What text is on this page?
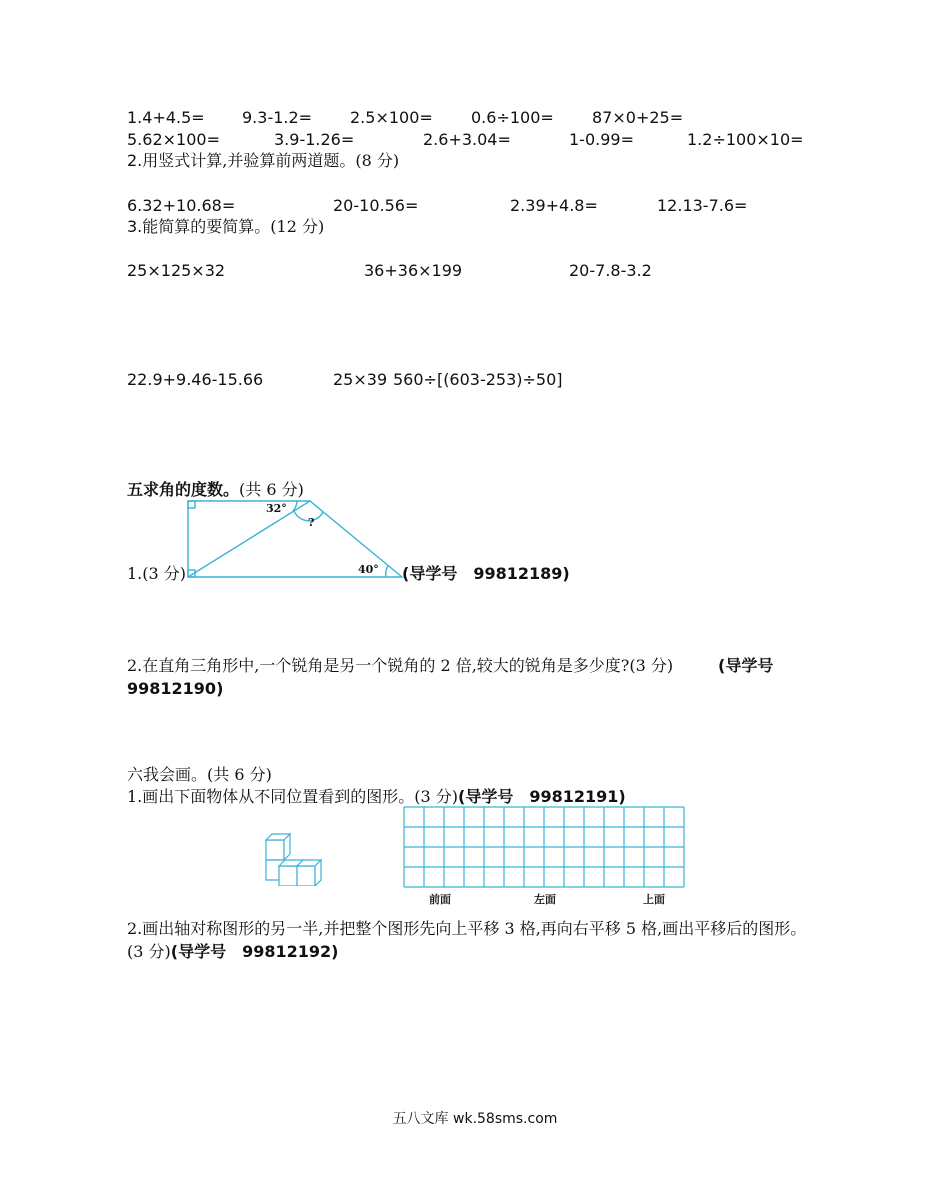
1.4+4.5= 9.3-1.2= 2.5×100= 0.6÷100= 87×0+25=
5.62×100=	3.9-1.26=	2.6+3.04=	1-0.99=	1.2÷100×10=
2.用竖式计算,并验算前两道题。(8 分)
6.32+10.68=	20-10.56=	2.39+4.8=	12.13-7.6=
3.能简算的要简算。(12 分)
25×125×32	36+36×199	20-7.8-3.2
22.9+9.46-15.66	25×39 560÷[(603-253)÷50]
五求角的度数。(共 6 分)
32°
?
40°
1.(3 分)	(导学号　99812189)
2.在直角三角形中,一个锐角是另一个锐角的 2 倍,较大的锐角是多少度?(3 分)	(导学号
99812190)
六我会画。(共 6 分)
1.画出下面物体从不同位置看到的图形。(3 分)(导学号　99812191)
前面	左面	上面
2.画出轴对称图形的另一半,并把整个图形先向上平移 3 格,再向右平移 5 格,画出平移后的图形。
(3 分)(导学号　99812192)
五八文库 wk.58sms.com
